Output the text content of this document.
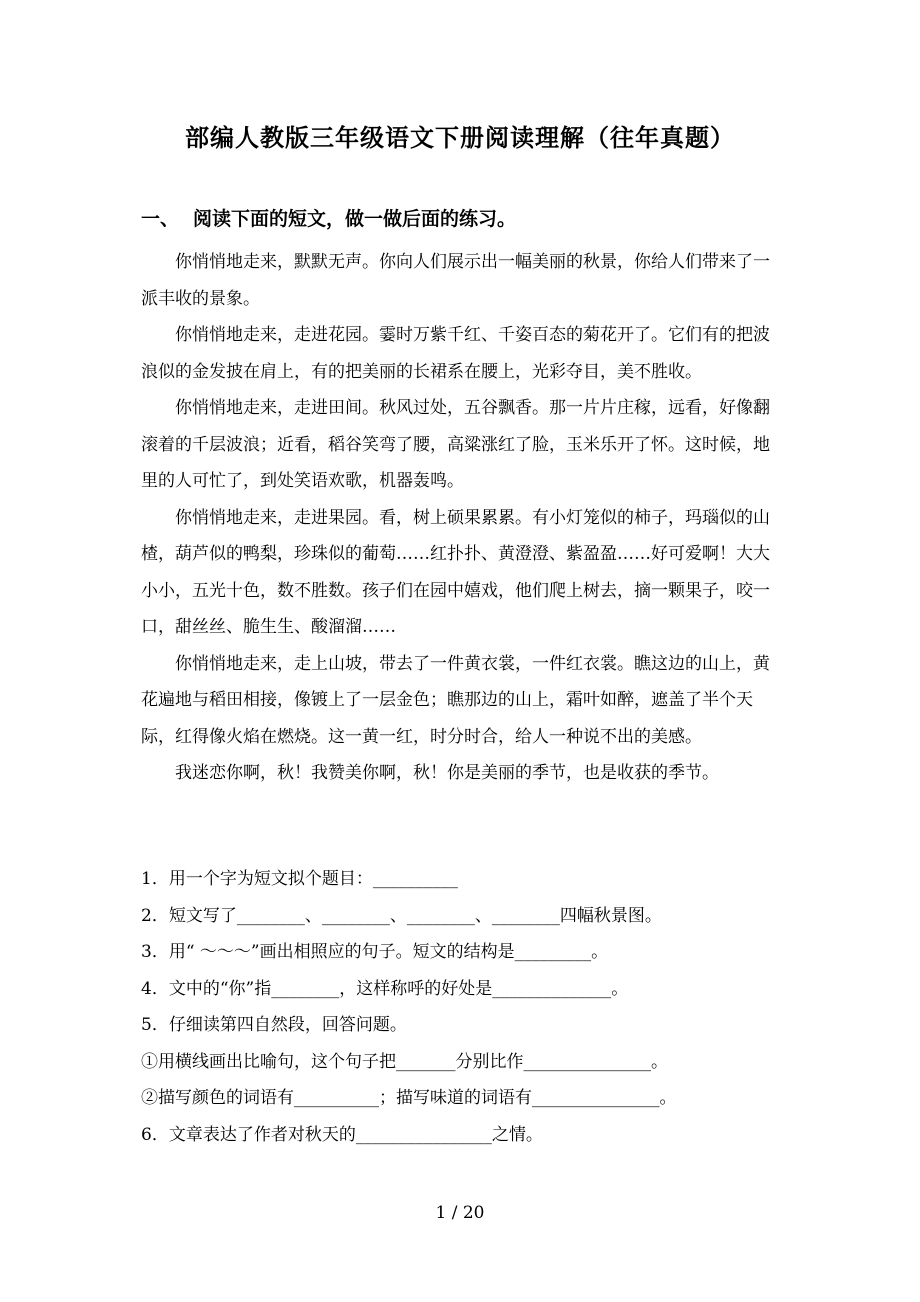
部编人教版三年级语文下册阅读理解（往年真题）
一、 阅读下面的短文，做一做后面的练习。

你悄悄地走来，默默无声。你向人们展示出一幅美丽的秋景，你给人们带来了一派丰收的景象。

你悄悄地走来，走进花园。霎时万紫千红、千姿百态的菊花开了。它们有的把波浪似的金发披在肩上，有的把美丽的长裙系在腰上，光彩夺目，美不胜收。

你悄悄地走来，走进田间。秋风过处，五谷飘香。那一片片庄稼，远看，好像翻滚着的千层波浪；近看，稻谷笑弯了腰，高粱涨红了脸，玉米乐开了怀。这时候，地里的人可忙了，到处笑语欢歌，机器轰鸣。

你悄悄地走来，走进果园。看，树上硕果累累。有小灯笼似的柿子，玛瑙似的山楂，葫芦似的鸭梨，珍珠似的葡萄……红扑扑、黄澄澄、紫盈盈……好可爱啊！大大小小，五光十色，数不胜数。孩子们在园中嬉戏，他们爬上树去，摘一颗果子，咬一口，甜丝丝、脆生生、酸溜溜……

你悄悄地走来，走上山坡，带去了一件黄衣裳，一件红衣裳。瞧这边的山上，黄花遍地与稻田相接，像镀上了一层金色；瞧那边的山上，霜叶如醉，遮盖了半个天际，红得像火焰在燃烧。这一黄一红，时分时合，给人一种说不出的美感。

我迷恋你啊，秋！我赞美你啊，秋！你是美丽的季节，也是收获的季节。

1．用一个字为短文拟个题目：__________

2．短文写了________、________、________、________四幅秋景图。

3．用“ ～～～”画出相照应的句子。短文的结构是_________。

4．文中的“你”指________，这样称呼的好处是______________。

5．仔细读第四自然段，回答问题。

①用横线画出比喻句，这个句子把_______分别比作_______________。

②描写颜色的词语有__________；描写味道的词语有_______________。

6．文章表达了作者对秋天的________________之情。

1 / 20
